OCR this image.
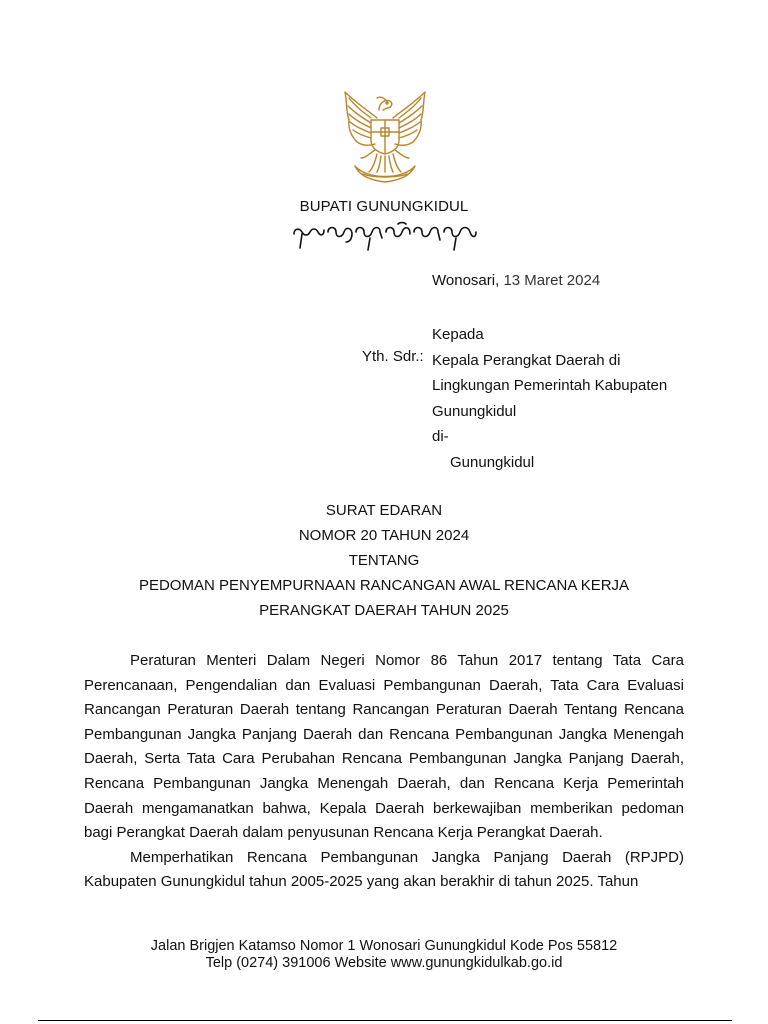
BUPATI GUNUNGKIDUL
Wonosari, 13 Maret 2024
Yth. Sdr.:
Kepada
Kepala Perangkat Daerah di
Lingkungan Pemerintah Kabupaten
Gunungkidul
di-
Gunungkidul
SURAT EDARAN
NOMOR 20 TAHUN 2024
TENTANG
PEDOMAN PENYEMPURNAAN RANCANGAN AWAL RENCANA KERJA
PERANGKAT DAERAH TAHUN 2025

Peraturan Menteri Dalam Negeri Nomor 86 Tahun 2017 tentang Tata Cara Perencanaan, Pengendalian dan Evaluasi Pembangunan Daerah, Tata Cara Evaluasi Rancangan Peraturan Daerah tentang Rancangan Peraturan Daerah Tentang Rencana Pembangunan Jangka Panjang Daerah dan Rencana Pembangunan Jangka Menengah Daerah, Serta Tata Cara Perubahan Rencana Pembangunan Jangka Panjang Daerah, Rencana Pembangunan Jangka Menengah Daerah, dan Rencana Kerja Pemerintah Daerah mengamanatkan bahwa, Kepala Daerah berkewajiban memberikan pedoman bagi Perangkat Daerah dalam penyusunan Rencana Kerja Perangkat Daerah.

Memperhatikan Rencana Pembangunan Jangka Panjang Daerah (RPJPD) Kabupaten Gunungkidul tahun 2005-2025 yang akan berakhir di tahun 2025. Tahun

Jalan Brigjen Katamso Nomor 1 Wonosari Gunungkidul Kode Pos 55812
Telp (0274) 391006 Website www.gunungkidulkab.go.id
